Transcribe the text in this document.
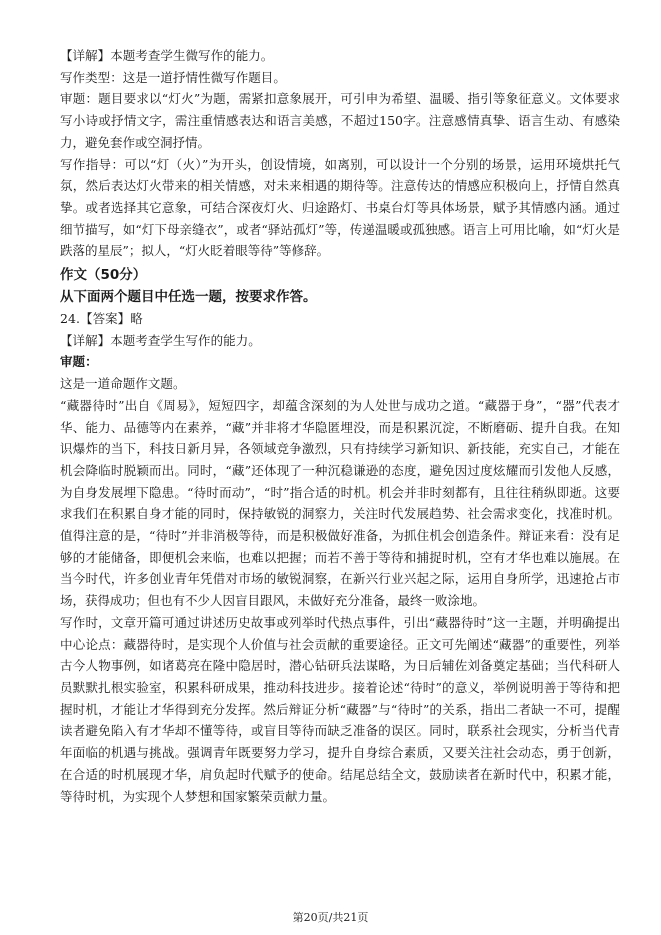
【详解】本题考查学生微写作的能力。

写作类型：这是一道抒情性微写作题目。

审题：题目要求以“灯火”为题，需紧扣意象展开，可引申为希望、温暖、指引等象征意义。文体要求写小诗或抒情文字，需注重情感表达和语言美感，不超过150字。注意感情真挚、语言生动、有感染力，避免套作或空洞抒情。

写作指导：可以“灯（火）”为开头，创设情境，如离别，可以设计一个分别的场景，运用环境烘托气氛，然后表达灯火带来的相关情感，对未来相遇的期待等。注意传达的情感应积极向上，抒情自然真挚。或者选择其它意象，可结合深夜灯火、归途路灯、书桌台灯等具体场景，赋予其情感内涵。通过细节描写，如“灯下母亲缝衣”，或者“驿站孤灯”等，传递温暖或孤独感。语言上可用比喻，如“灯火是跌落的星辰”；拟人，“灯火眨着眼等待”等修辞。

作文（50分）

从下面两个题目中任选一题，按要求作答。

24.【答案】略

【详解】本题考查学生写作的能力。

审题：

这是一道命题作文题。

“藏器待时”出自《周易》，短短四字，却蕴含深刻的为人处世与成功之道。“藏器于身”，“器”代表才华、能力、品德等内在素养，“藏”并非将才华隐匿埋没，而是积累沉淀，不断磨砺、提升自我。在知识爆炸的当下，科技日新月异，各领域竞争激烈，只有持续学习新知识、新技能，充实自己，才能在机会降临时脱颖而出。同时，“藏”还体现了一种沉稳谦逊的态度，避免因过度炫耀而引发他人反感，为自身发展埋下隐患。“待时而动”，“时”指合适的时机。机会并非时刻都有，且往往稍纵即逝。这要求我们在积累自身才能的同时，保持敏锐的洞察力，关注时代发展趋势、社会需求变化，找准时机。值得注意的是，“待时”并非消极等待，而是积极做好准备，为抓住机会创造条件。辩证来看：没有足够的才能储备，即便机会来临，也难以把握；而若不善于等待和捕捉时机，空有才华也难以施展。在当今时代，许多创业青年凭借对市场的敏锐洞察，在新兴行业兴起之际，运用自身所学，迅速抢占市场，获得成功；但也有不少人因盲目跟风，未做好充分准备，最终一败涂地。

写作时，文章开篇可通过讲述历史故事或列举时代热点事件，引出“藏器待时”这一主题，并明确提出中心论点：藏器待时，是实现个人价值与社会贡献的重要途径。正文可先阐述“藏器”的重要性，列举古今人物事例，如诸葛亮在隆中隐居时，潜心钻研兵法谋略，为日后辅佐刘备奠定基础；当代科研人员默默扎根实验室，积累科研成果，推动科技进步。接着论述“待时”的意义，举例说明善于等待和把握时机，才能让才华得到充分发挥。然后辩证分析“藏器”与“待时”的关系，指出二者缺一不可，提醒读者避免陷入有才华却不懂等待，或盲目等待而缺乏准备的误区。同时，联系社会现实，分析当代青年面临的机遇与挑战。强调青年既要努力学习，提升自身综合素质，又要关注社会动态，勇于创新，在合适的时机展现才华，肩负起时代赋予的使命。结尾总结全文，鼓励读者在新时代中，积累才能，等待时机，为实现个人梦想和国家繁荣贡献力量。

第20页/共21页
